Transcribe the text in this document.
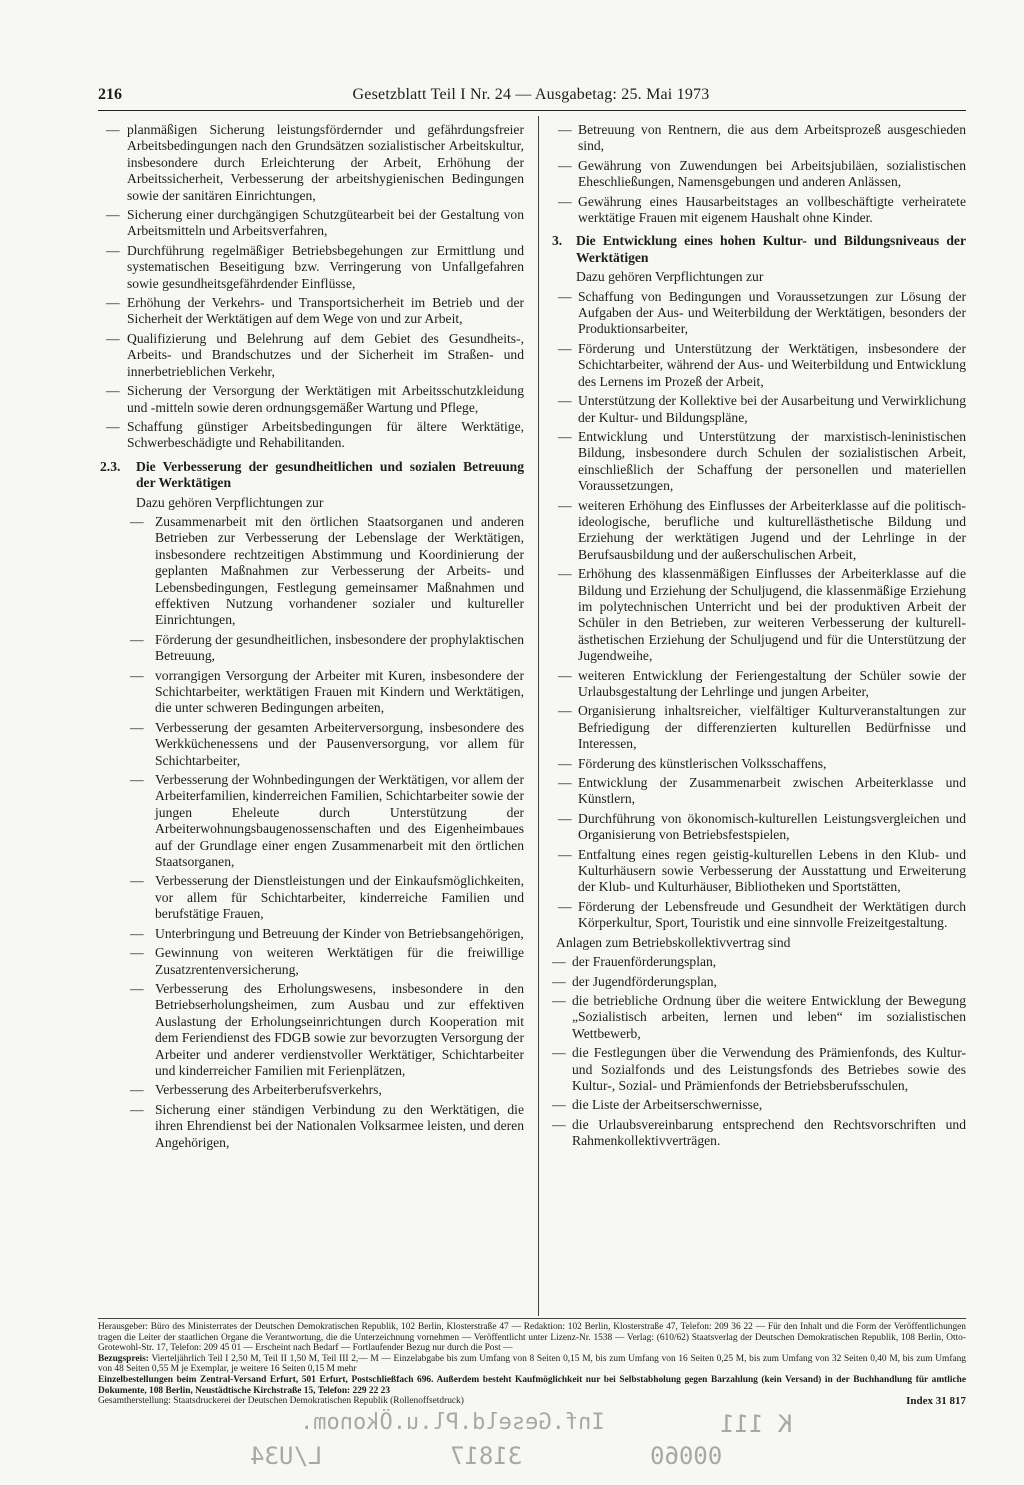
216	Gesetzblatt Teil I Nr. 24 — Ausgabetag: 25. Mai 1973
— planmäßigen Sicherung leistungsfördernder und gefährdungsfreier Arbeitsbedingungen nach den Grundsätzen sozialistischer Arbeitskultur, insbesondere durch Erleichterung der Arbeit, Erhöhung der Arbeitssicherheit, Verbesserung der arbeitshygienischen Bedingungen sowie der sanitären Einrichtungen,
— Sicherung einer durchgängigen Schutzgütearbeit bei der Gestaltung von Arbeitsmitteln und Arbeitsverfahren,
— Durchführung regelmäßiger Betriebsbegehungen zur Ermittlung und systematischen Beseitigung bzw. Verringerung von Unfallgefahren sowie gesundheitsgefährdender Einflüsse,
— Erhöhung der Verkehrs- und Transportsicherheit im Betrieb und der Sicherheit der Werktätigen auf dem Wege von und zur Arbeit,
— Qualifizierung und Belehrung auf dem Gebiet des Gesundheits-, Arbeits- und Brandschutzes und der Sicherheit im Straßen- und innerbetrieblichen Verkehr,
— Sicherung der Versorgung der Werktätigen mit Arbeitsschutzkleidung und -mitteln sowie deren ordnungsgemäßer Wartung und Pflege,
— Schaffung günstiger Arbeitsbedingungen für ältere Werktätige, Schwerbeschädigte und Rehabilitanden.
2.3. Die Verbesserung der gesundheitlichen und sozialen Betreuung der Werktätigen
Dazu gehören Verpflichtungen zur
— Zusammenarbeit mit den örtlichen Staatsorganen und anderen Betrieben zur Verbesserung der Lebenslage der Werktätigen, insbesondere rechtzeitigen Abstimmung und Koordinierung der geplanten Maßnahmen zur Verbesserung der Arbeits- und Lebensbedingungen, Festlegung gemeinsamer Maßnahmen und effektiven Nutzung vorhandener sozialer und kultureller Einrichtungen,
— Förderung der gesundheitlichen, insbesondere der prophylaktischen Betreuung,
— vorrangigen Versorgung der Arbeiter mit Kuren, insbesondere der Schichtarbeiter, werktätigen Frauen mit Kindern und Werktätigen, die unter schweren Bedingungen arbeiten,
— Verbesserung der gesamten Arbeiterversorgung, insbesondere des Werkküchenessens und der Pausenversorgung, vor allem für Schichtarbeiter,
— Verbesserung der Wohnbedingungen der Werktätigen, vor allem der Arbeiterfamilien, kinderreichen Familien, Schichtarbeiter sowie der jungen Eheleute durch Unterstützung der Arbeiterwohnungsbaugenossenschaften und des Eigenheimbaues auf der Grundlage einer engen Zusammenarbeit mit den örtlichen Staatsorganen,
— Verbesserung der Dienstleistungen und der Einkaufsmöglichkeiten, vor allem für Schichtarbeiter, kinderreiche Familien und berufstätige Frauen,
— Unterbringung und Betreuung der Kinder von Betriebsangehörigen,
— Gewinnung von weiteren Werktätigen für die freiwillige Zusatzrentenversicherung,
— Verbesserung des Erholungswesens, insbesondere in den Betriebserholungsheimen, zum Ausbau und zur effektiven Auslastung der Erholungseinrichtungen durch Kooperation mit dem Feriendienst des FDGB sowie zur bevorzugten Versorgung der Arbeiter und anderer verdienstvoller Werktätiger, Schichtarbeiter und kinderreicher Familien mit Ferienplätzen,
— Verbesserung des Arbeiterberufsverkehrs,
— Sicherung einer ständigen Verbindung zu den Werktätigen, die ihren Ehrendienst bei der Nationalen Volksarmee leisten, und deren Angehörigen,
— Betreuung von Rentnern, die aus dem Arbeitsprozeß ausgeschieden sind,
— Gewährung von Zuwendungen bei Arbeitsjubiläen, sozialistischen Eheschließungen, Namensgebungen und anderen Anlässen,
— Gewährung eines Hausarbeitstages an vollbeschäftigte verheiratete werktätige Frauen mit eigenem Haushalt ohne Kinder.
3. Die Entwicklung eines hohen Kultur- und Bildungsniveaus der Werktätigen
Dazu gehören Verpflichtungen zur
— Schaffung von Bedingungen und Voraussetzungen zur Lösung der Aufgaben der Aus- und Weiterbildung der Werktätigen, besonders der Produktionsarbeiter,
— Förderung und Unterstützung der Werktätigen, insbesondere der Schichtarbeiter, während der Aus- und Weiterbildung und Entwicklung des Lernens im Prozeß der Arbeit,
— Unterstützung der Kollektive bei der Ausarbeitung und Verwirklichung der Kultur- und Bildungspläne,
— Entwicklung und Unterstützung der marxistisch-leninistischen Bildung, insbesondere durch Schulen der sozialistischen Arbeit, einschließlich der Schaffung der personellen und materiellen Voraussetzungen,
— weiteren Erhöhung des Einflusses der Arbeiterklasse auf die politisch-ideologische, berufliche und kulturellästhetische Bildung und Erziehung der werktätigen Jugend und der Lehrlinge in der Berufsausbildung und der außerschulischen Arbeit,
— Erhöhung des klassenmäßigen Einflusses der Arbeiterklasse auf die Bildung und Erziehung der Schuljugend, die klassenmäßige Erziehung im polytechnischen Unterricht und bei der produktiven Arbeit der Schüler in den Betrieben, zur weiteren Verbesserung der kulturell-ästhetischen Erziehung der Schuljugend und für die Unterstützung der Jugendweihe,
— weiteren Entwicklung der Feriengestaltung der Schüler sowie der Urlaubsgestaltung der Lehrlinge und jungen Arbeiter,
— Organisierung inhaltsreicher, vielfältiger Kulturveranstaltungen zur Befriedigung der differenzierten kulturellen Bedürfnisse und Interessen,
— Förderung des künstlerischen Volksschaffens,
— Entwicklung der Zusammenarbeit zwischen Arbeiterklasse und Künstlern,
— Durchführung von ökonomisch-kulturellen Leistungsvergleichen und Organisierung von Betriebsfestspielen,
— Entfaltung eines regen geistig-kulturellen Lebens in den Klub- und Kulturhäusern sowie Verbesserung der Ausstattung und Erweiterung der Klub- und Kulturhäuser, Bibliotheken und Sportstätten,
— Förderung der Lebensfreude und Gesundheit der Werktätigen durch Körperkultur, Sport, Touristik und eine sinnvolle Freizeitgestaltung.
Anlagen zum Betriebskollektivvertrag sind
— der Frauenförderungsplan,
— der Jugendförderungsplan,
— die betriebliche Ordnung über die weitere Entwicklung der Bewegung „Sozialistisch arbeiten, lernen und leben“ im sozialistischen Wettbewerb,
— die Festlegungen über die Verwendung des Prämienfonds, des Kultur- und Sozialfonds und des Leistungsfonds des Betriebes sowie des Kultur-, Sozial- und Prämienfonds der Betriebsberufsschulen,
— die Liste der Arbeitserschwernisse,
— die Urlaubsvereinbarung entsprechend den Rechtsvorschriften und Rahmenkollektivverträgen.
Herausgeber: Büro des Ministerrates der Deutschen Demokratischen Republik, 102 Berlin, Klosterstraße 47 — Redaktion: 102 Berlin, Klosterstraße 47, Telefon: 209 36 22 — Für den Inhalt und die Form der Veröffentlichungen tragen die Leiter der staatlichen Organe die Verantwortung, die die Unterzeichnung vornehmen — Veröffentlicht unter Lizenz-Nr. 1538 — Verlag: (610/62) Staatsverlag der Deutschen Demokratischen Republik, 108 Berlin, Otto-Grotewohl-Str. 17, Telefon: 209 45 01 — Erscheint nach Bedarf — Fortlaufender Bezug nur durch die Post —
Bezugspreis: Vierteljährlich Teil I 2,50 M, Teil II 1,50 M, Teil III 2,— M — Einzelabgabe bis zum Umfang von 8 Seiten 0,15 M, bis zum Umfang von 16 Seiten 0,25 M, bis zum Umfang von 32 Seiten 0,40 M, bis zum Umfang von 48 Seiten 0,55 M je Exemplar, je weitere 16 Seiten 0,15 M mehr
Einzelbestellungen beim Zentral-Versand Erfurt, 501 Erfurt, Postschließfach 696. Außerdem besteht Kaufmöglichkeit nur bei Selbstabholung gegen Barzahlung (kein Versand) in der Buchhandlung für amtliche Dokumente, 108 Berlin, Neustädtische Kirchstraße 15, Telefon: 229 22 23
Gesamtherstellung: Staatsdruckerei der Deutschen Demokratischen Republik (Rollenoffsetdruck)	Index 31 817
L/U34	31817
Inf.Geseld.Pl.u.Ökonom.
00060
K 111
